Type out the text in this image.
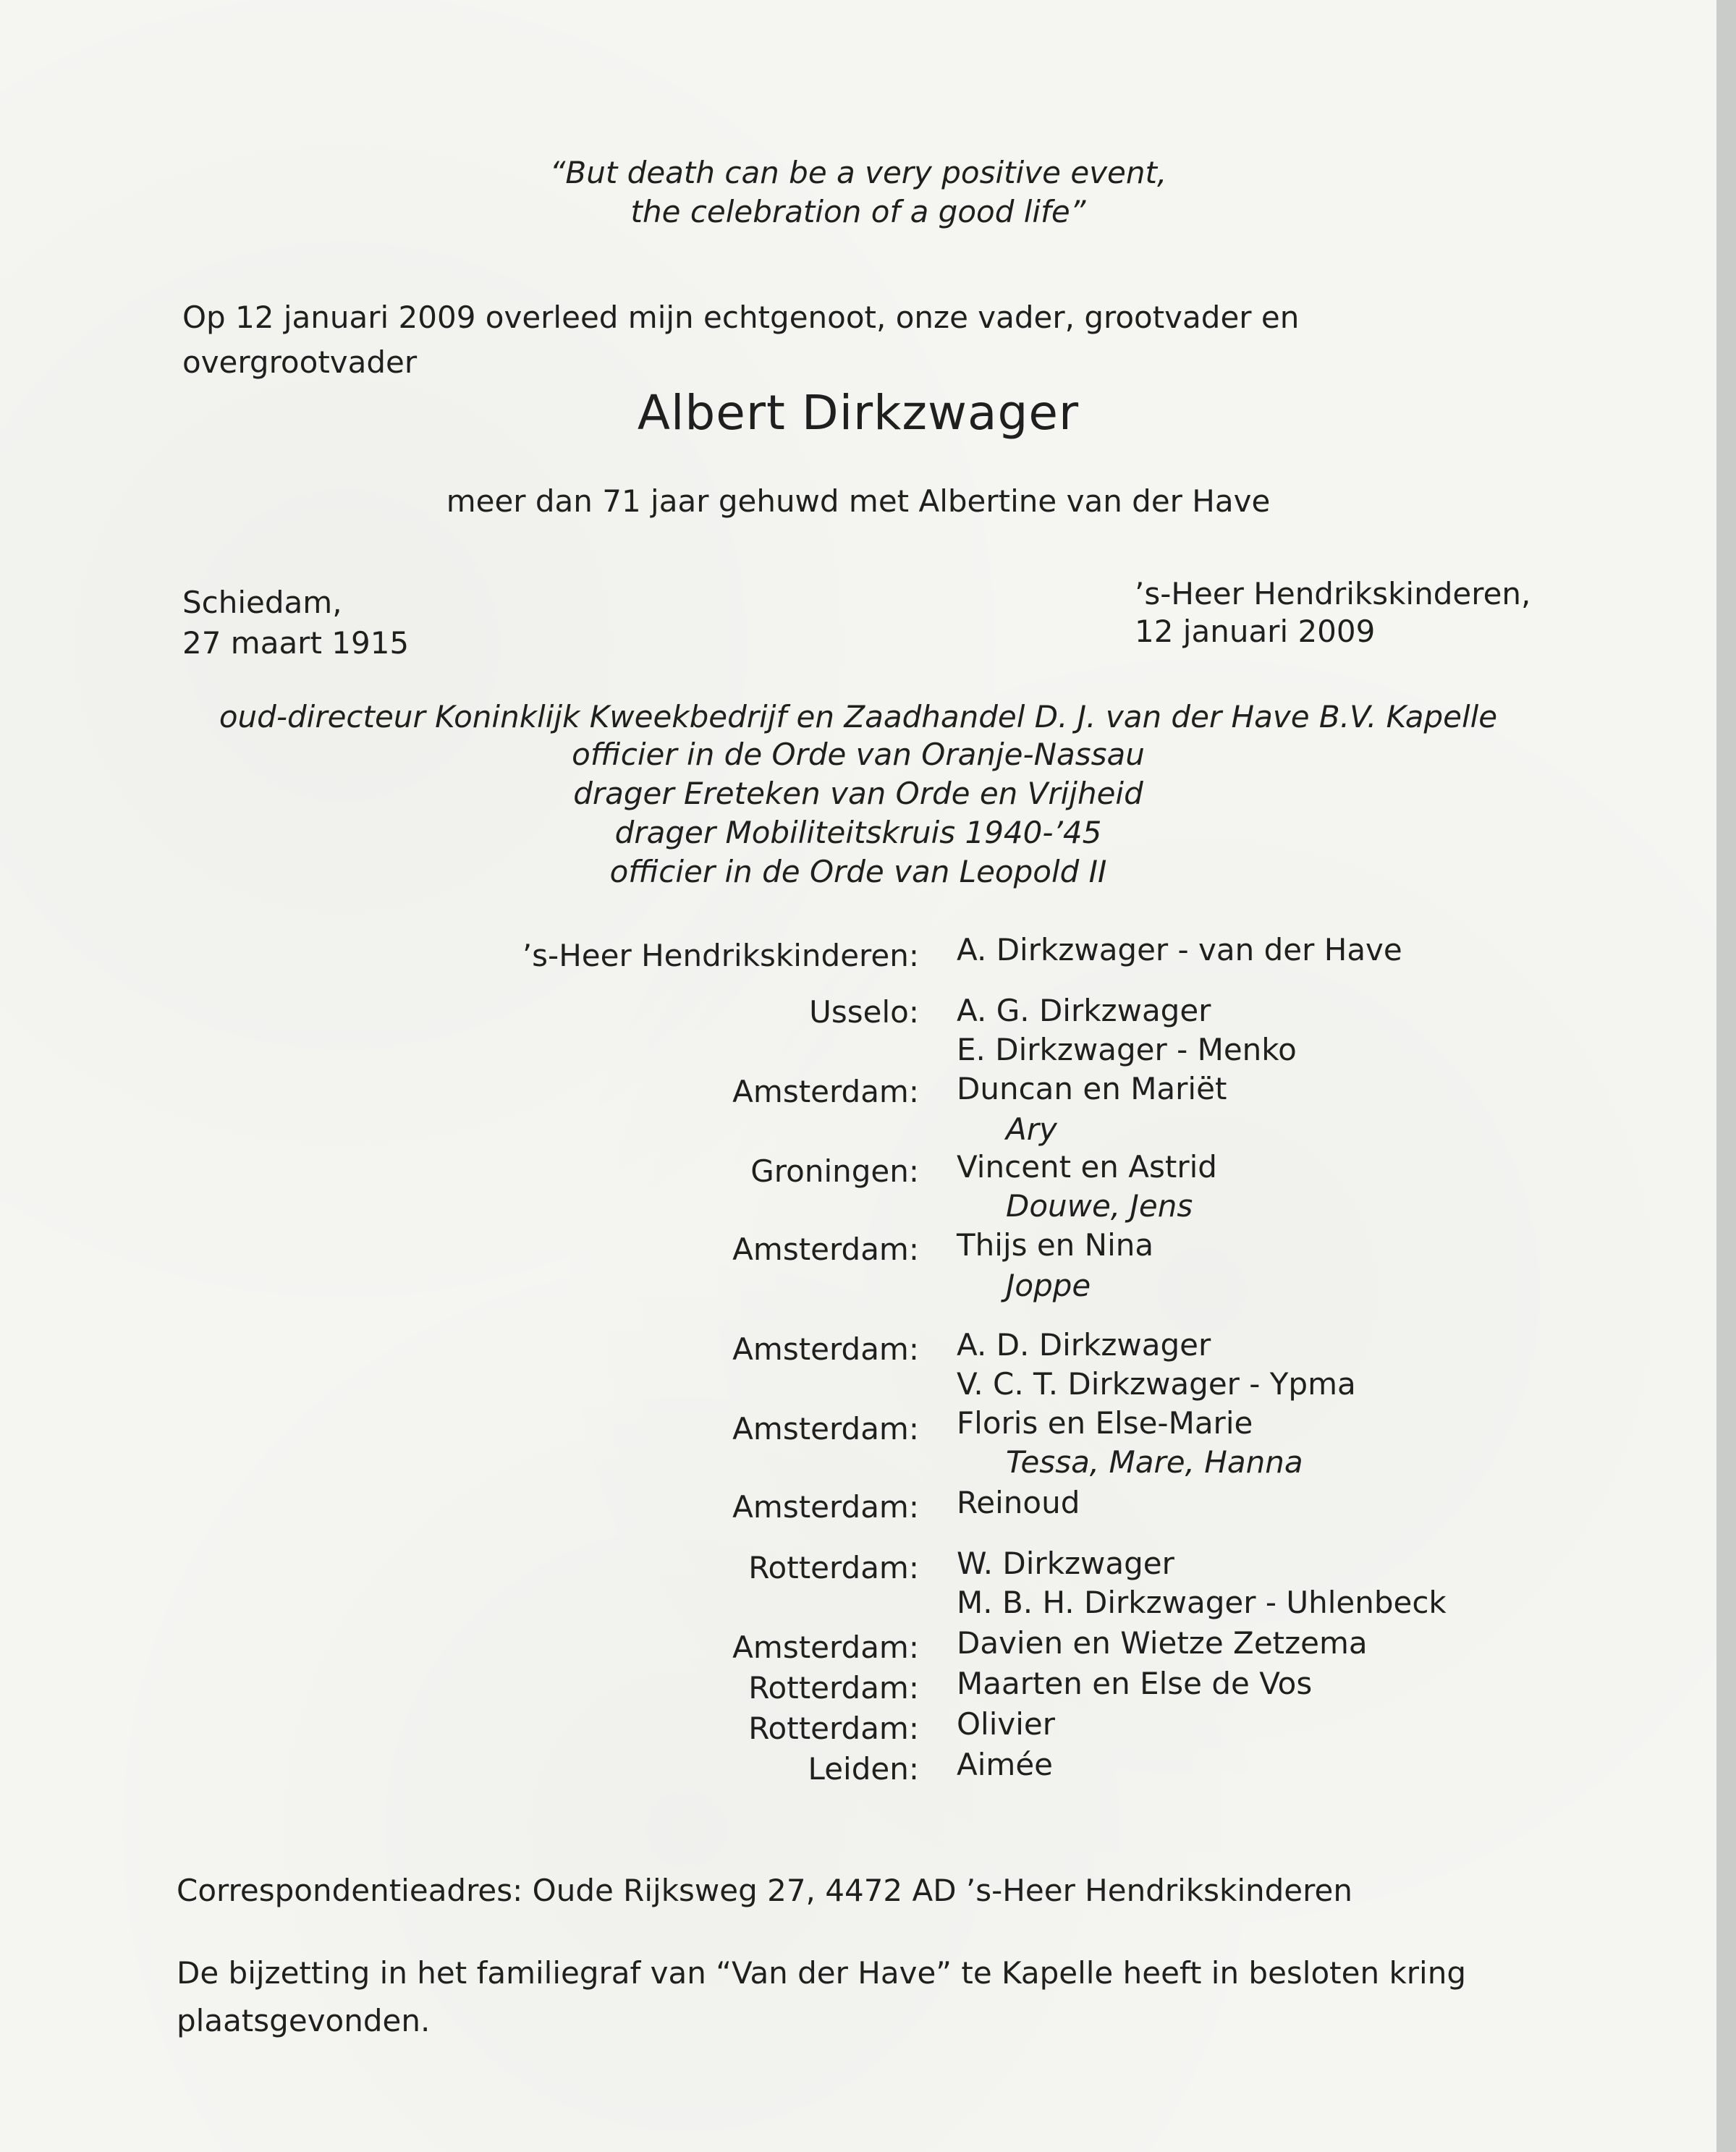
“But death can be a very positive event,

the celebration of a good life”

Op 12 januari 2009 overleed mijn echtgenoot, onze vader, grootvader en

overgrootvader

Albert Dirkzwager

meer dan 71 jaar gehuwd met Albertine van der Have

Schiedam,

27 maart 1915

’s-Heer Hendrikskinderen,

12 januari 2009

oud-directeur Koninklijk Kweekbedrijf en Zaadhandel D. J. van der Have B.V. Kapelle

officier in de Orde van Oranje-Nassau

drager Ereteken van Orde en Vrijheid

drager Mobiliteitskruis 1940-’45

officier in de Orde van Leopold II

’s-Heer Hendrikskinderen:

Usselo:

Amsterdam:

Groningen:

Amsterdam:

Amsterdam:

Amsterdam:

Amsterdam:

Rotterdam:

Amsterdam:

Rotterdam:

Rotterdam:

Leiden:

A. Dirkzwager - van der Have

A. G. Dirkzwager

E. Dirkzwager - Menko

Duncan en Mariët

Ary

Vincent en Astrid

Douwe, Jens

Thijs en Nina

Joppe

A. D. Dirkzwager

V. C. T. Dirkzwager - Ypma

Floris en Else-Marie

Tessa, Mare, Hanna

Reinoud

W. Dirkzwager

M. B. H. Dirkzwager - Uhlenbeck

Davien en Wietze Zetzema

Maarten en Else de Vos

Olivier

Aimée

Correspondentieadres: Oude Rijksweg 27, 4472 AD ’s-Heer Hendrikskinderen

De bijzetting in het familiegraf van “Van der Have” te Kapelle heeft in besloten kring

plaatsgevonden.
